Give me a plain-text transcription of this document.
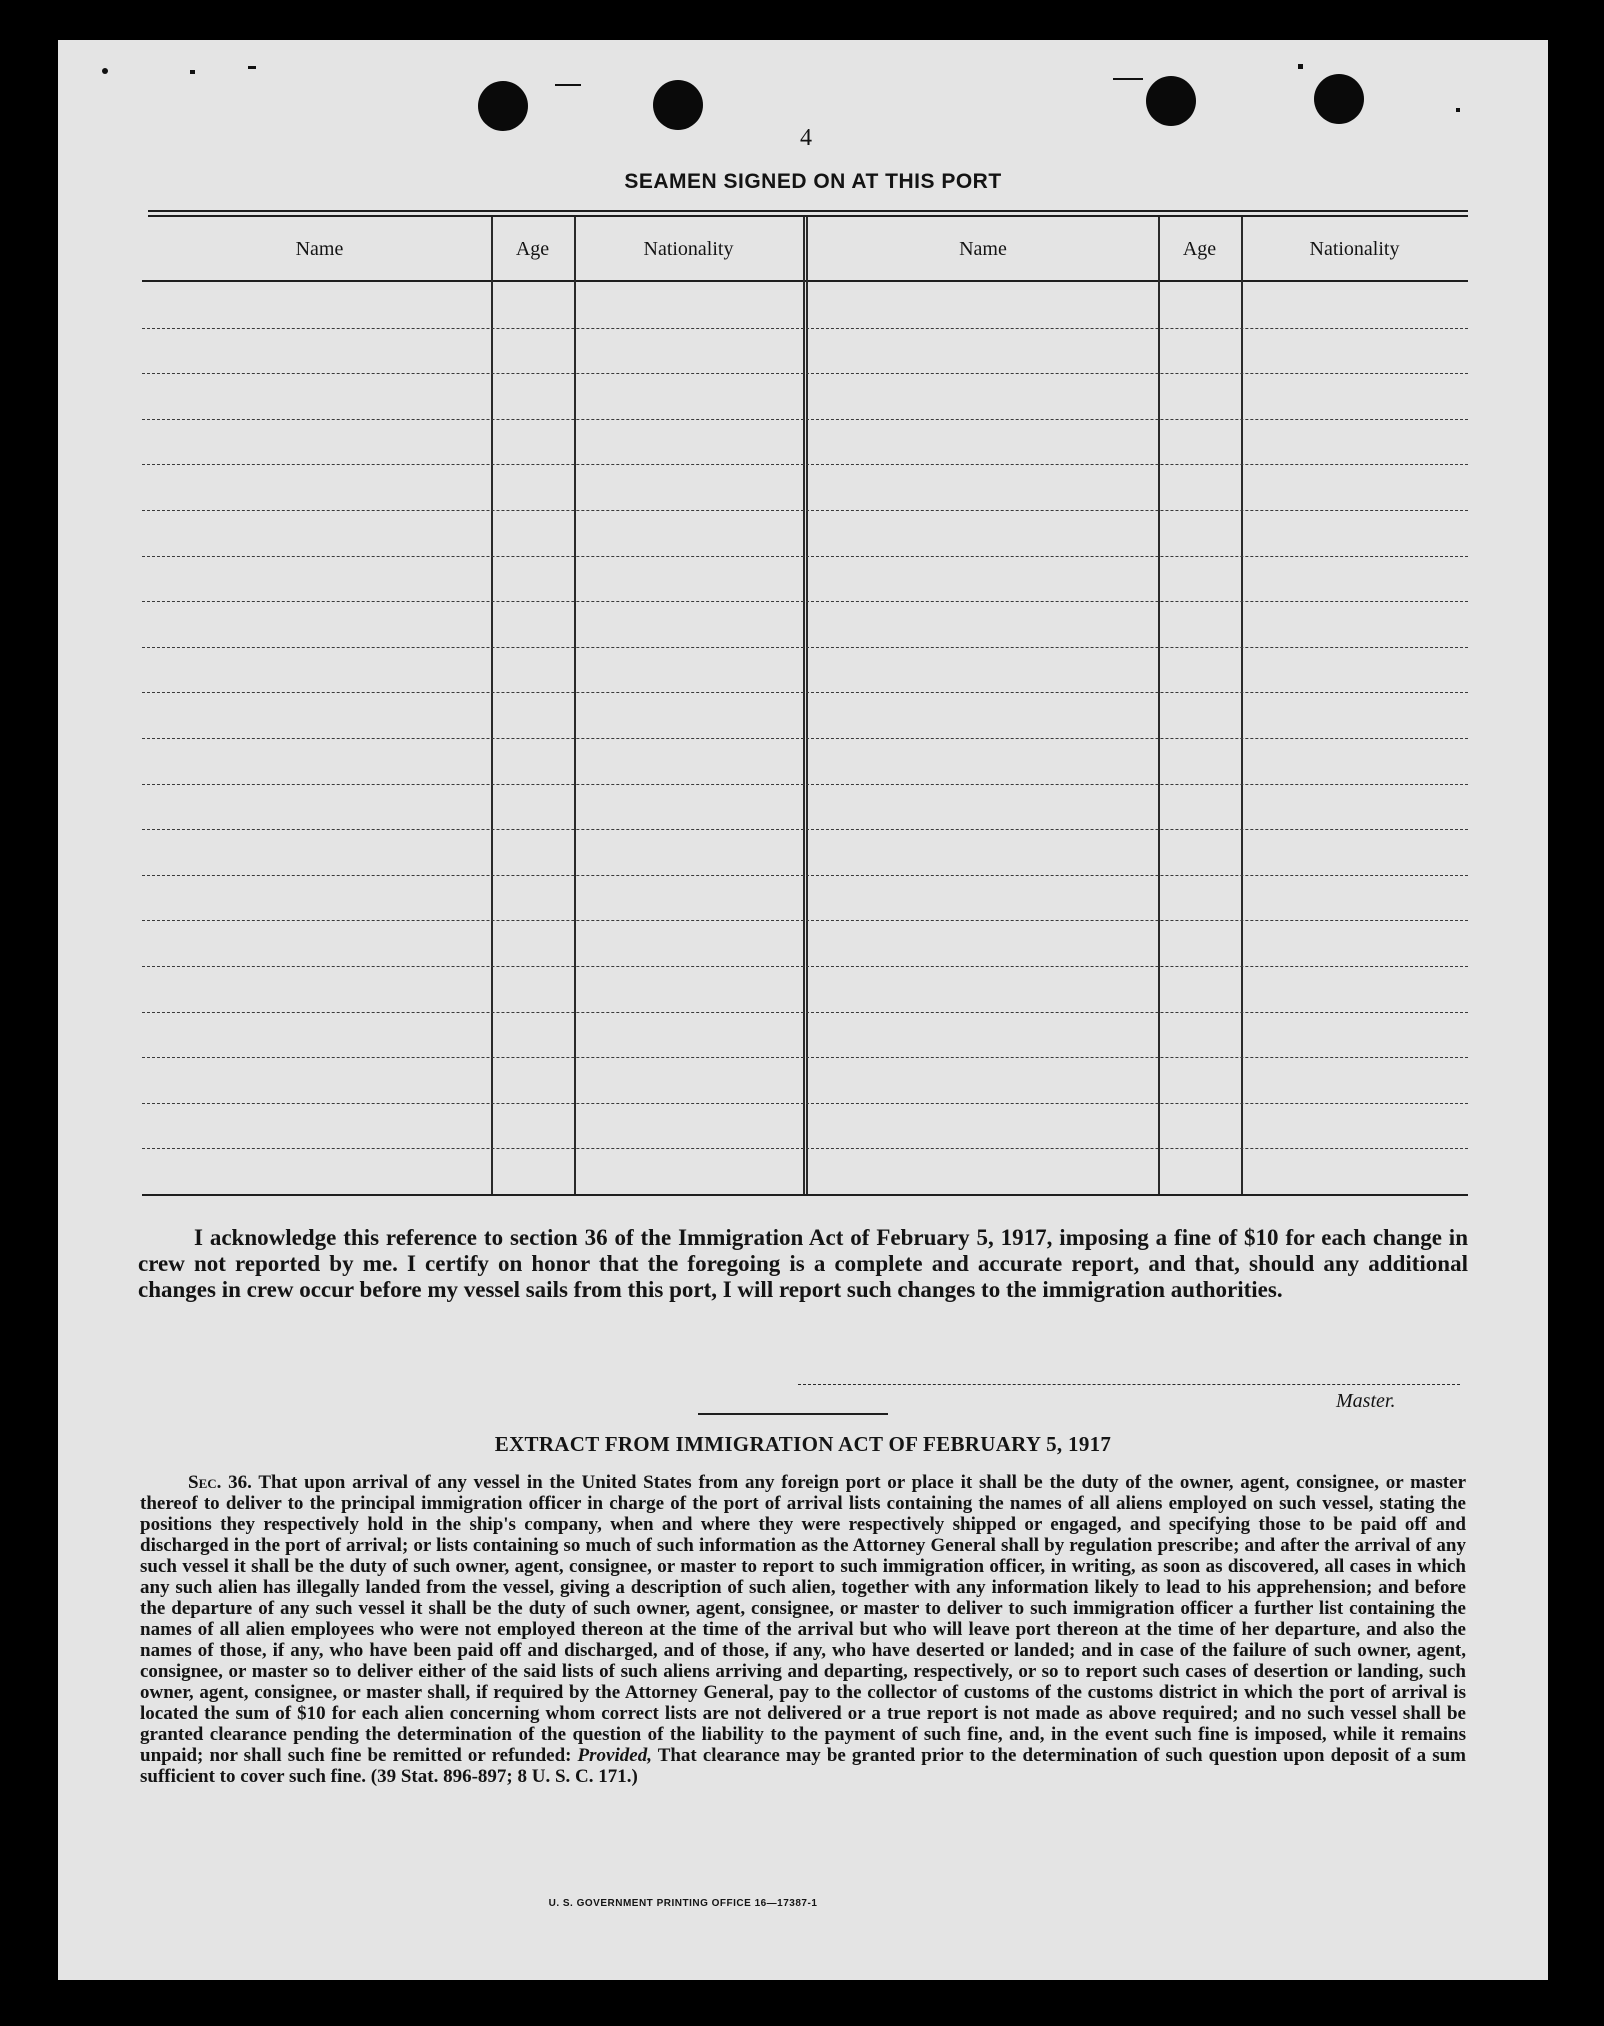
4
SEAMEN SIGNED ON AT THIS PORT
Name	Age	Nationality	Name	Age	Nationality
I acknowledge this reference to section 36 of the Immigration Act of February 5, 1917, imposing a fine of $10 for each change in crew not reported by me. I certify on honor that the foregoing is a complete and accurate report, and that, should any additional changes in crew occur before my vessel sails from this port, I will report such changes to the immigration authorities.
Master.
EXTRACT FROM IMMIGRATION ACT OF FEBRUARY 5, 1917
Sec. 36. That upon arrival of any vessel in the United States from any foreign port or place it shall be the duty of the owner, agent, consignee, or master thereof to deliver to the principal immigration officer in charge of the port of arrival lists containing the names of all aliens employed on such vessel, stating the positions they respectively hold in the ship's company, when and where they were respectively shipped or engaged, and specifying those to be paid off and discharged in the port of arrival; or lists containing so much of such information as the Attorney General shall by regulation prescribe; and after the arrival of any such vessel it shall be the duty of such owner, agent, consignee, or master to report to such immigration officer, in writing, as soon as discovered, all cases in which any such alien has illegally landed from the vessel, giving a description of such alien, together with any information likely to lead to his apprehension; and before the departure of any such vessel it shall be the duty of such owner, agent, consignee, or master to deliver to such immigration officer a further list containing the names of all alien employees who were not employed thereon at the time of the arrival but who will leave port thereon at the time of her departure, and also the names of those, if any, who have been paid off and discharged, and of those, if any, who have deserted or landed; and in case of the failure of such owner, agent, consignee, or master so to deliver either of the said lists of such aliens arriving and departing, respectively, or so to report such cases of desertion or landing, such owner, agent, consignee, or master shall, if required by the Attorney General, pay to the collector of customs of the customs district in which the port of arrival is located the sum of $10 for each alien concerning whom correct lists are not delivered or a true report is not made as above required; and no such vessel shall be granted clearance pending the determination of the question of the liability to the payment of such fine, and, in the event such fine is imposed, while it remains unpaid; nor shall such fine be remitted or refunded: Provided, That clearance may be granted prior to the determination of such question upon deposit of a sum sufficient to cover such fine. (39 Stat. 896-897; 8 U. S. C. 171.)
U. S. GOVERNMENT PRINTING OFFICE 16—17387-1
